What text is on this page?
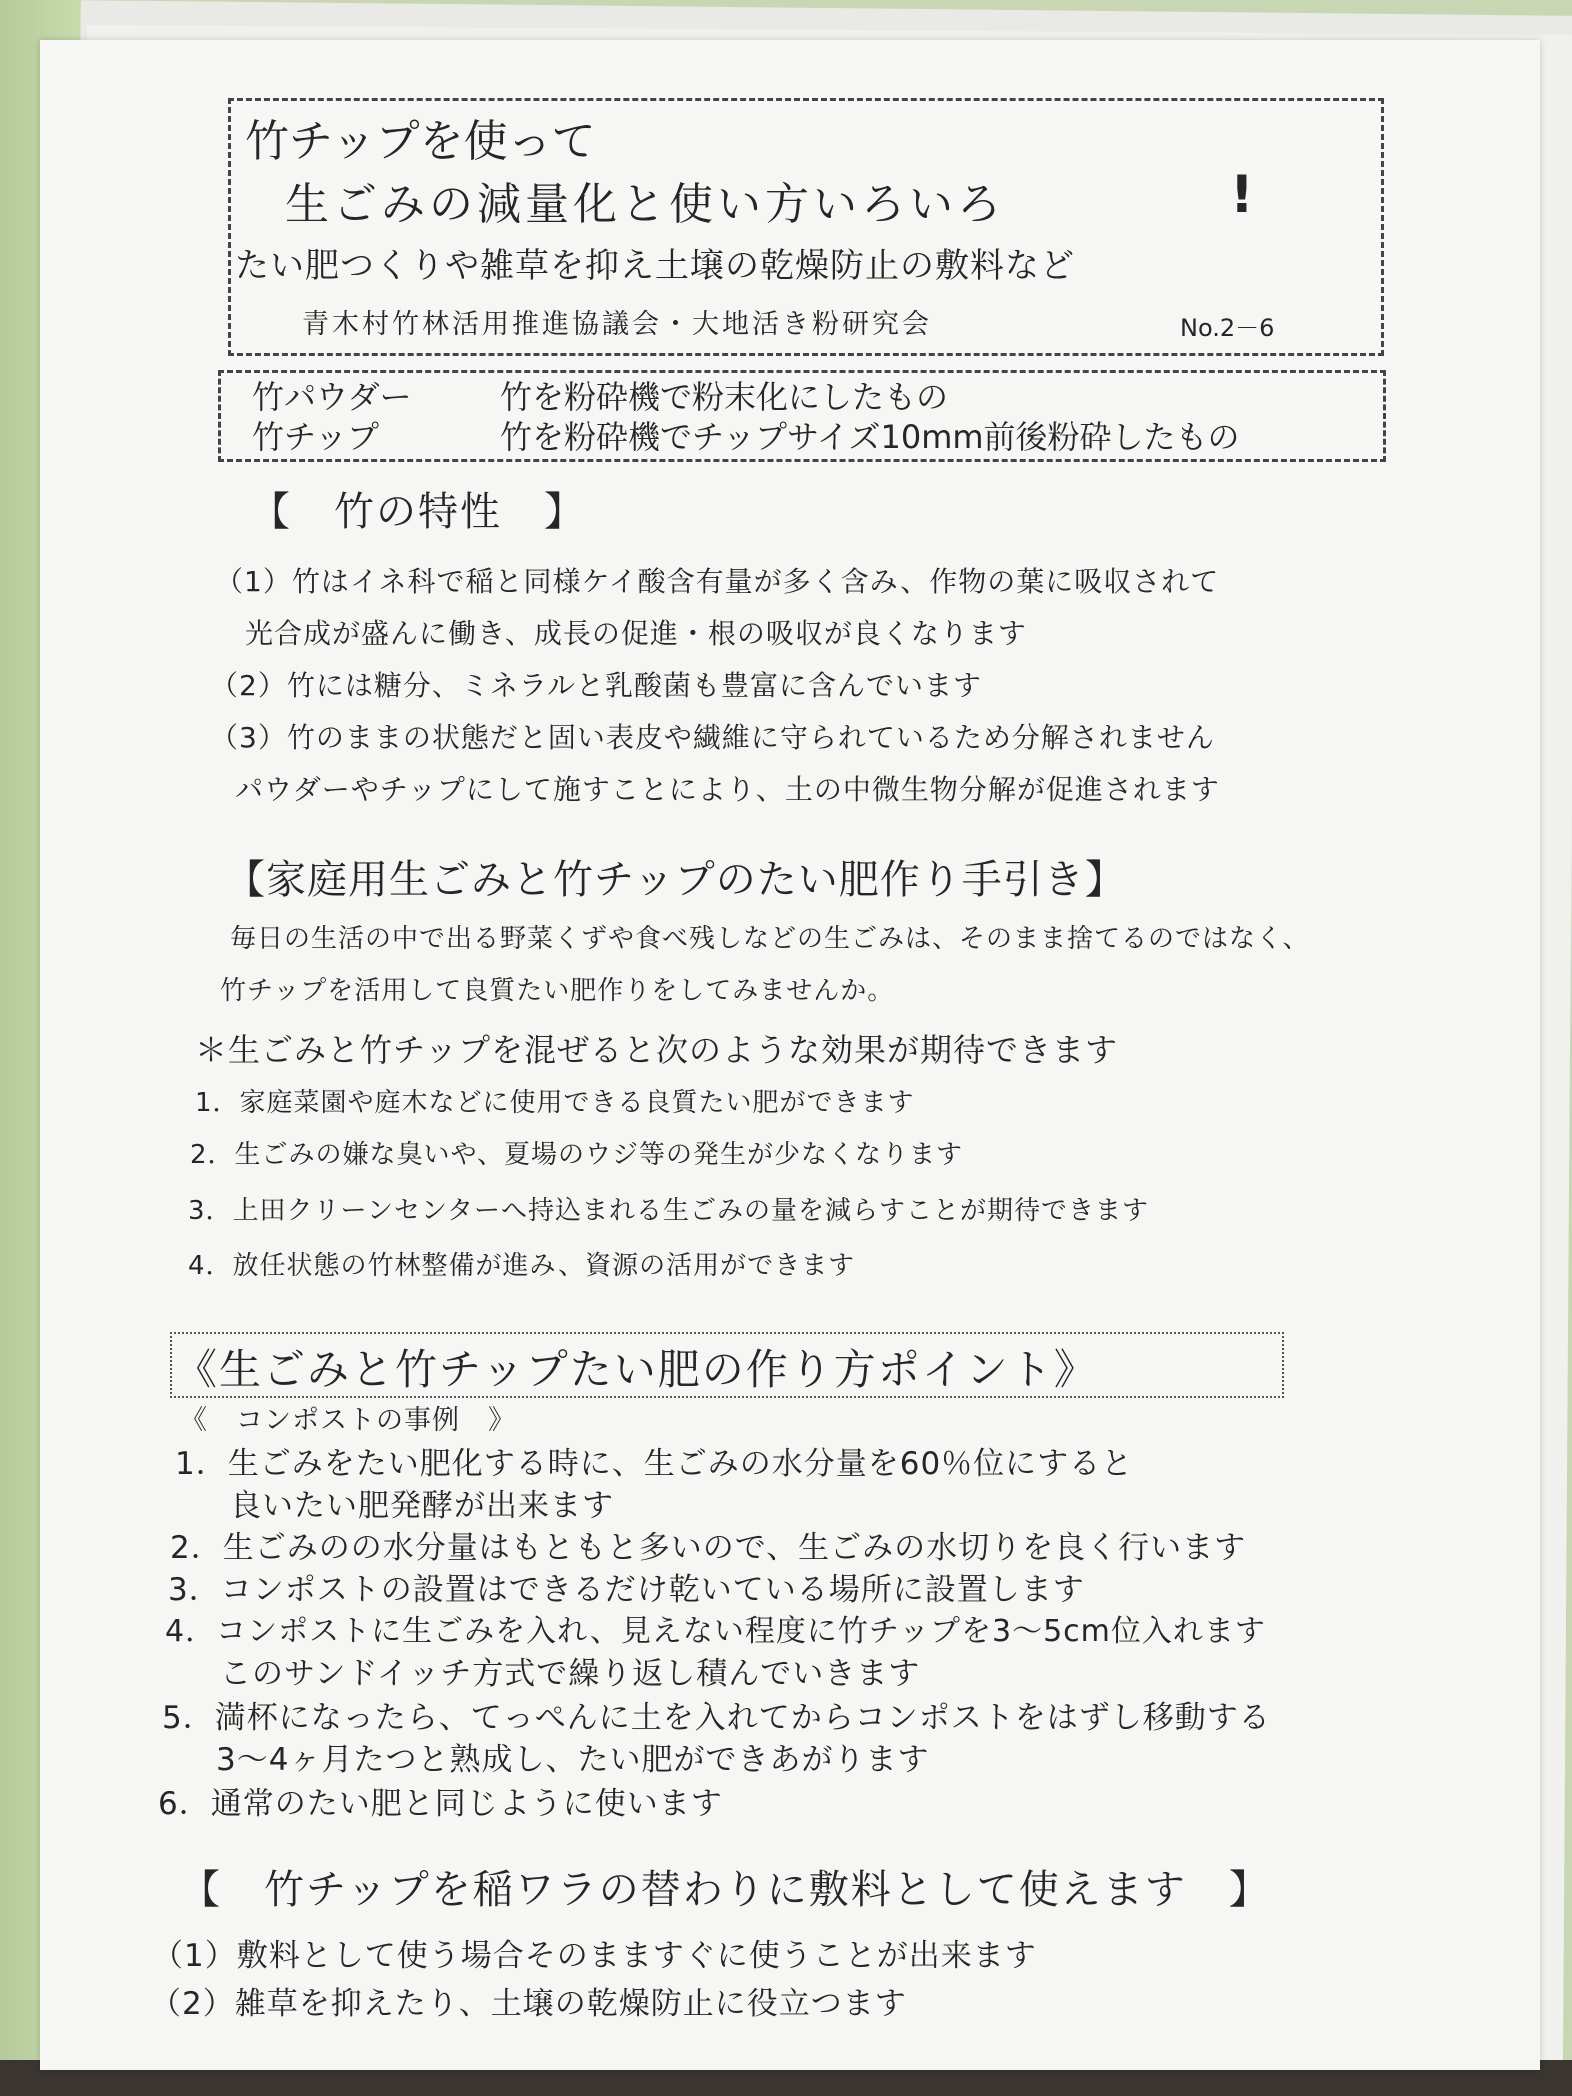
竹チップを使って
生ごみの減量化と使い方いろいろ	!
たい肥つくりや雑草を抑え土壌の乾燥防止の敷料など
青木村竹林活用推進協議会・大地活き粉研究会	No.2－6
竹パウダー	竹を粉砕機で粉末化にしたもの
竹チップ	竹を粉砕機でチップサイズ10mm前後粉砕したもの
【　竹の特性　】
（1）竹はイネ科で稲と同様ケイ酸含有量が多く含み、作物の葉に吸収されて
光合成が盛んに働き、成長の促進・根の吸収が良くなります
（2）竹には糖分、ミネラルと乳酸菌も豊富に含んでいます
（3）竹のままの状態だと固い表皮や繊維に守られているため分解されません
パウダーやチップにして施すことにより、土の中微生物分解が促進されます
【家庭用生ごみと竹チップのたい肥作り手引き】
毎日の生活の中で出る野菜くずや食べ残しなどの生ごみは、そのまま捨てるのではなく、
竹チップを活用して良質たい肥作りをしてみませんか。
＊生ごみと竹チップを混ぜると次のような効果が期待できます
1．家庭菜園や庭木などに使用できる良質たい肥ができます
2．生ごみの嫌な臭いや、夏場のウジ等の発生が少なくなります
3．上田クリーンセンターへ持込まれる生ごみの量を減らすことが期待できます
4．放任状態の竹林整備が進み、資源の活用ができます
《生ごみと竹チップたい肥の作り方ポイント》
《　コンポストの事例　》
1．生ごみをたい肥化する時に、生ごみの水分量を60％位にすると
良いたい肥発酵が出来ます
2．生ごみのの水分量はもともと多いので、生ごみの水切りを良く行います
3．コンポストの設置はできるだけ乾いている場所に設置します
4．コンポストに生ごみを入れ、見えない程度に竹チップを3～5cm位入れます
このサンドイッチ方式で繰り返し積んでいきます
5．満杯になったら、てっぺんに土を入れてからコンポストをはずし移動する
3～4ヶ月たつと熟成し、たい肥ができあがります
6．通常のたい肥と同じように使います
【　竹チップを稲ワラの替わりに敷料として使えます　】
（1）敷料として使う場合そのまますぐに使うことが出来ます
（2）雑草を抑えたり、土壌の乾燥防止に役立つます
